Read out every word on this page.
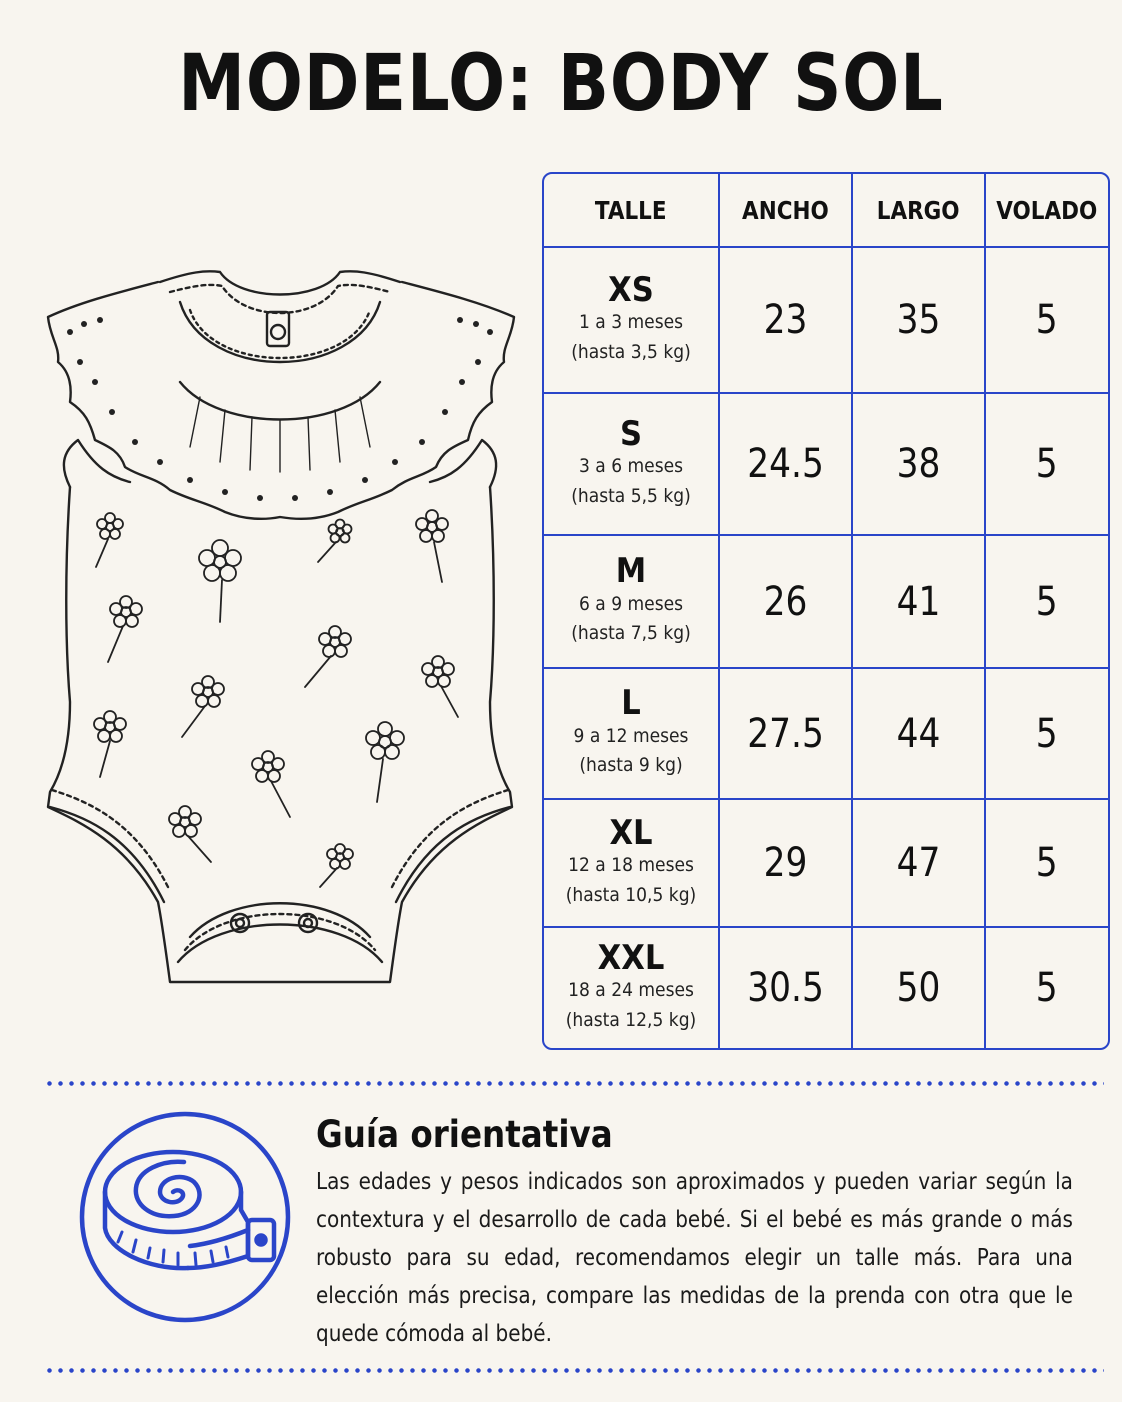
MODELO: BODY SOL
TALLE	ANCHO	LARGO	VOLADO

XS
1 a 3 meses
(hasta 3,5 kg)	23	35	5

S
3 a 6 meses
(hasta 5,5 kg)	24.5	38	5

M
6 a 9 meses
(hasta 7,5 kg)	26	41	5

L
9 a 12 meses
(hasta 9 kg)	27.5	44	5

XL
12 a 18 meses
(hasta 10,5 kg)	29	47	5

XXL
18 a 24 meses
(hasta 12,5 kg)	30.5	50	5
Guía orientativa

Las edades y pesos indicados son aproximados y pueden variar según la contextura y el desarrollo de cada bebé. Si el bebé es más grande o más robusto para su edad, recomendamos elegir un talle más. Para una elección más precisa, compare las medidas de la prenda con otra que le quede cómoda al bebé.
